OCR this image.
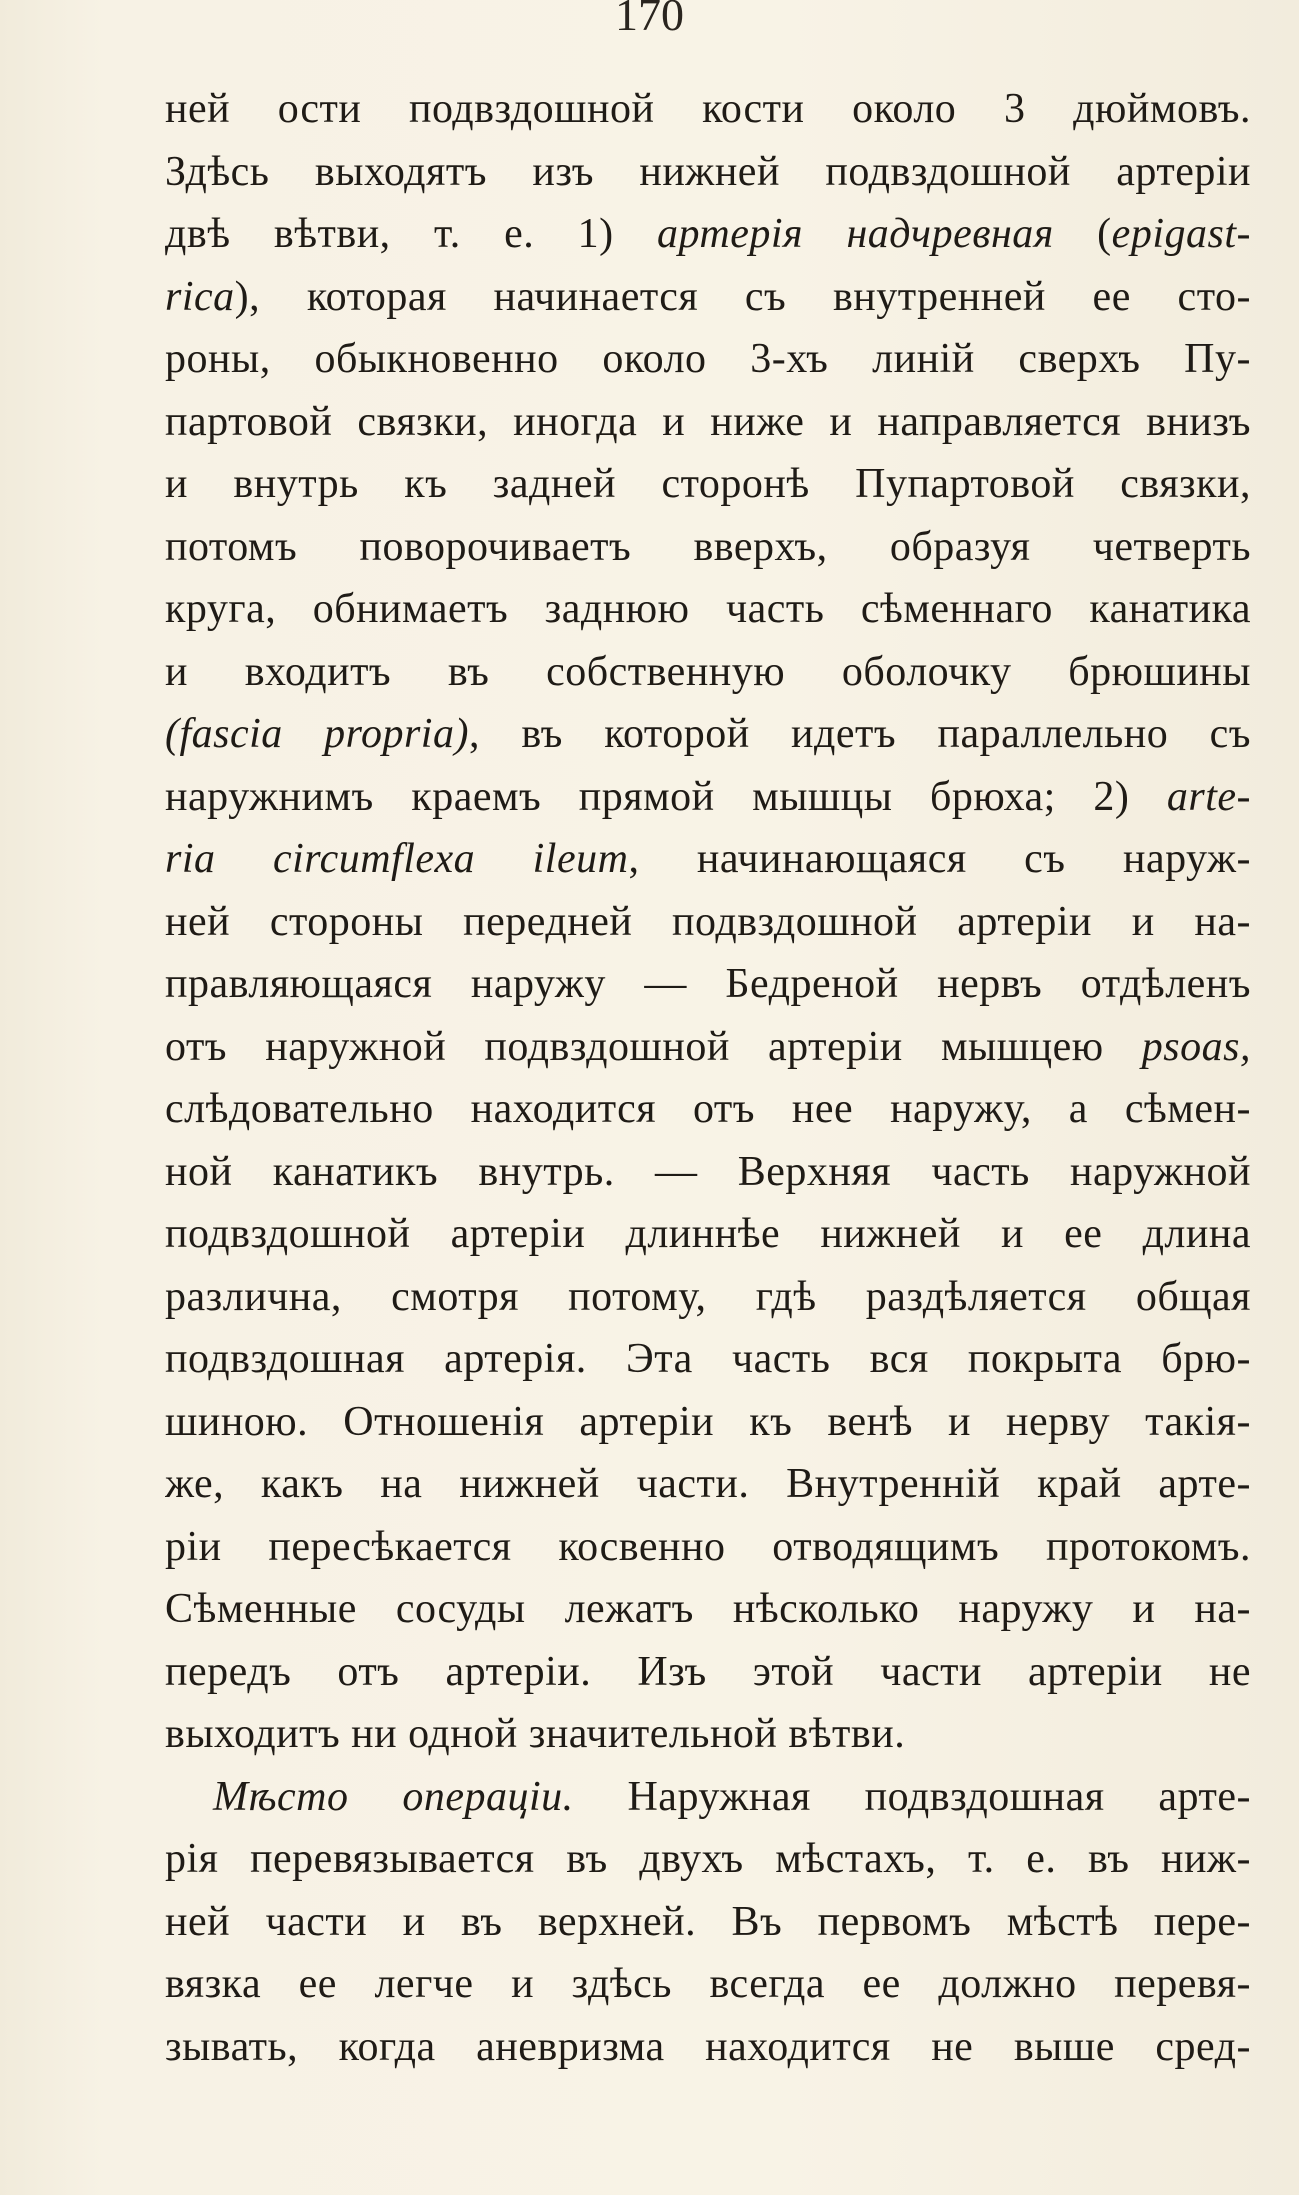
170
ней ости подвздошной кости около 3 дюймовъ.
Здѣсь выходятъ изъ нижней подвздошной артеріи
двѣ вѣтви, т. е. 1) артерія надчревная (epigast-
rica), которая начинается съ внутренней ее сто-
роны, обыкновенно около 3-хъ линій сверхъ Пу-
партовой связки, иногда и ниже и направляется внизъ
и внутрь къ задней сторонѣ Пупартовой связки,
потомъ поворочиваетъ вверхъ, образуя четверть
круга, обнимаетъ заднюю часть сѣменнаго канатика
и входитъ въ собственную оболочку брюшины
(fascia propria), въ которой идетъ параллельно съ
наружнимъ краемъ прямой мышцы брюха; 2) arte-
ria circumflexa ileum, начинающаяся съ наруж-
ней стороны передней подвздошной артеріи и на-
правляющаяся наружу — Бедреной нервъ отдѣленъ
отъ наружной подвздошной артеріи мышцею psoas,
слѣдовательно находится отъ нее наружу, а сѣмен-
ной канатикъ внутрь. — Верхняя часть наружной
подвздошной артеріи длиннѣе нижней и ее длина
различна, смотря потому, гдѣ раздѣляется общая
подвздошная артерія. Эта часть вся покрыта брю-
шиною. Отношенія артеріи къ венѣ и нерву такія-
же, какъ на нижней части. Внутренній край арте-
ріи пересѣкается косвенно отводящимъ протокомъ.
Сѣменные сосуды лежатъ нѣсколько наружу и на-
передъ отъ артеріи. Изъ этой части артеріи не
выходитъ ни одной значительной вѣтви.
Мѣсто операціи. Наружная подвздошная арте-
рія перевязывается въ двухъ мѣстахъ, т. е. въ ниж-
ней части и въ верхней. Въ первомъ мѣстѣ пере-
вязка ее легче и здѣсь всегда ее должно перевя-
зывать, когда аневризма находится не выше сред-
